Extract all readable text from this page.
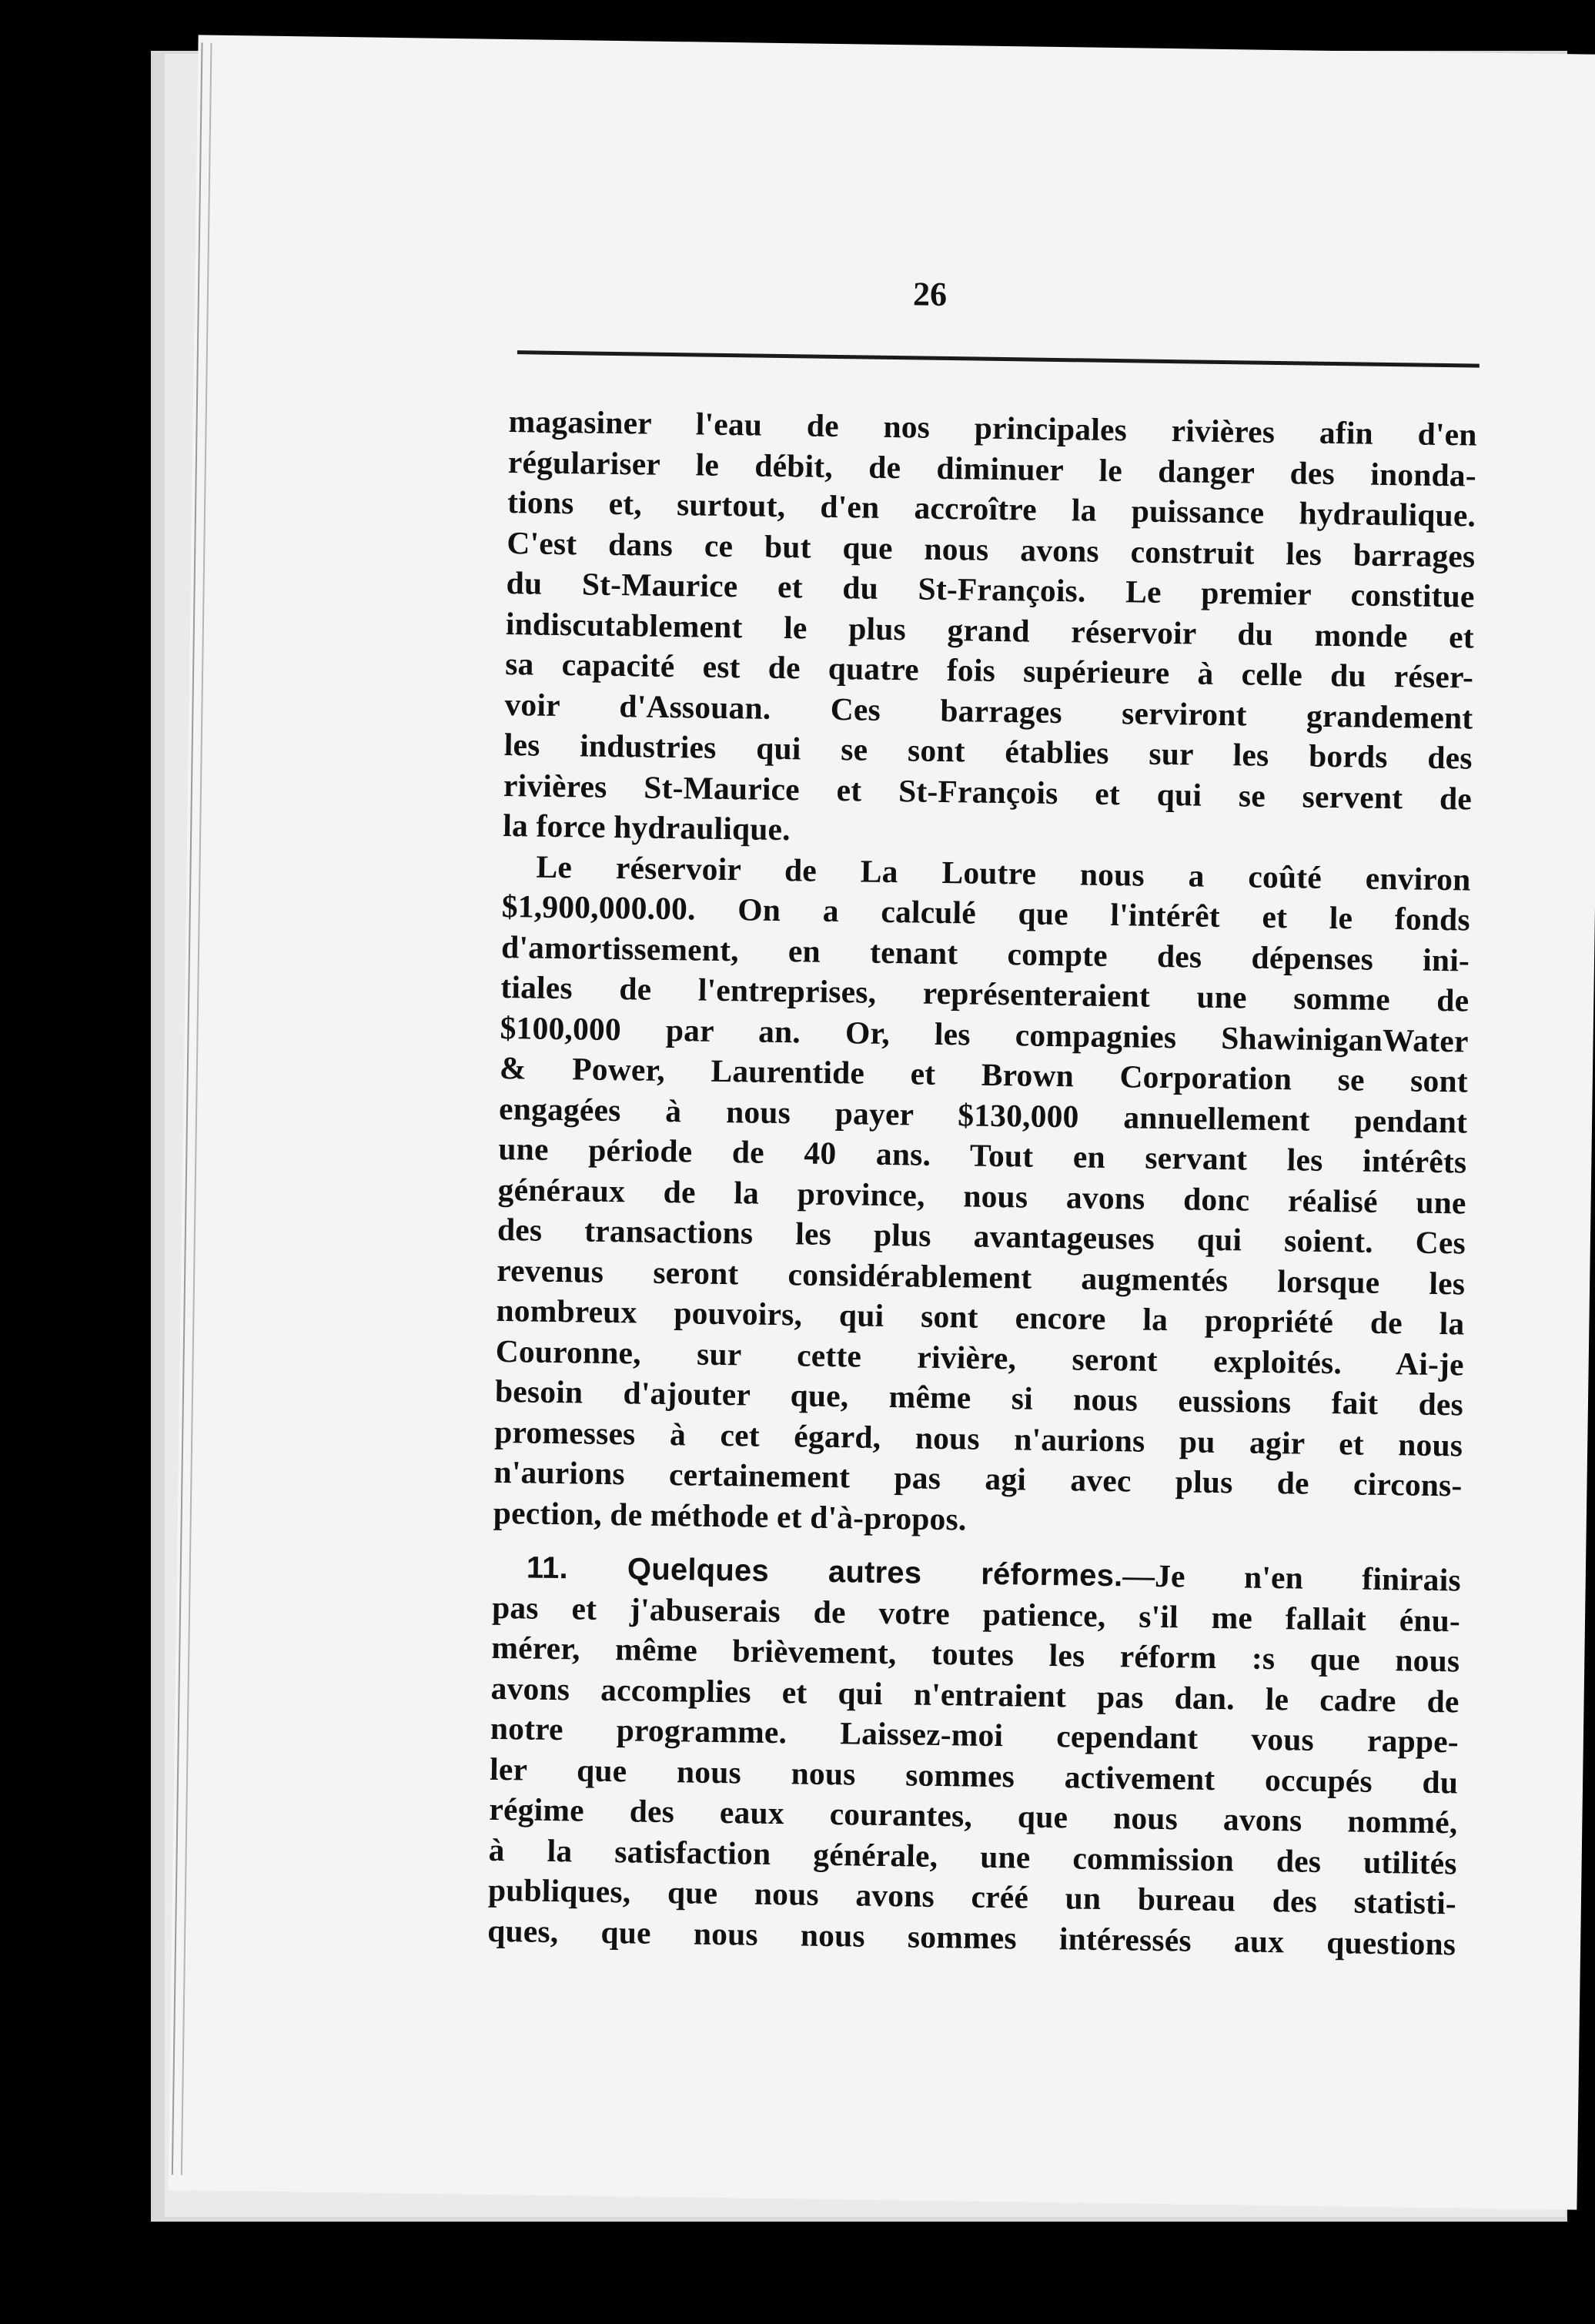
26
magasiner l'eau de nos principales rivières afin d'en
régulariser le débit, de diminuer le danger des inonda-
tions et, surtout, d'en accroître la puissance hydraulique.
C'est dans ce but que nous avons construit les barrages
du St-Maurice et du St-François. Le premier constitue
indiscutablement le plus grand réservoir du monde et
sa capacité est de quatre fois supérieure à celle du réser-
voir d'Assouan. Ces barrages serviront grandement
les industries qui se sont établies sur les bords des
rivières St-Maurice et St-François et qui se servent de
la force hydraulique.
Le réservoir de La Loutre nous a coûté environ
$1,900,000.00. On a calculé que l'intérêt et le fonds
d'amortissement, en tenant compte des dépenses ini-
tiales de l'entreprises, représenteraient une somme de
$100,000 par an. Or, les compagnies ShawiniganWater
& Power, Laurentide et Brown Corporation se sont
engagées à nous payer $130,000 annuellement pendant
une période de 40 ans. Tout en servant les intérêts
généraux de la province, nous avons donc réalisé une
des transactions les plus avantageuses qui soient. Ces
revenus seront considérablement augmentés lorsque les
nombreux pouvoirs, qui sont encore la propriété de la
Couronne, sur cette rivière, seront exploités. Ai-je
besoin d'ajouter que, même si nous eussions fait des
promesses à cet égard, nous n'aurions pu agir et nous
n'aurions certainement pas agi avec plus de circons-
pection, de méthode et d'à-propos.
11. Quelques autres réformes.—Je n'en finirais
pas et j'abuserais de votre patience, s'il me fallait énu-
mérer, même brièvement, toutes les réform :s que nous
avons accomplies et qui n'entraient pas dan. le cadre de
notre programme. Laissez-moi cependant vous rappe-
ler que nous nous sommes activement occupés du
régime des eaux courantes, que nous avons nommé,
à la satisfaction générale, une commission des utilités
publiques, que nous avons créé un bureau des statisti-
ques, que nous nous sommes intéressés aux questions
